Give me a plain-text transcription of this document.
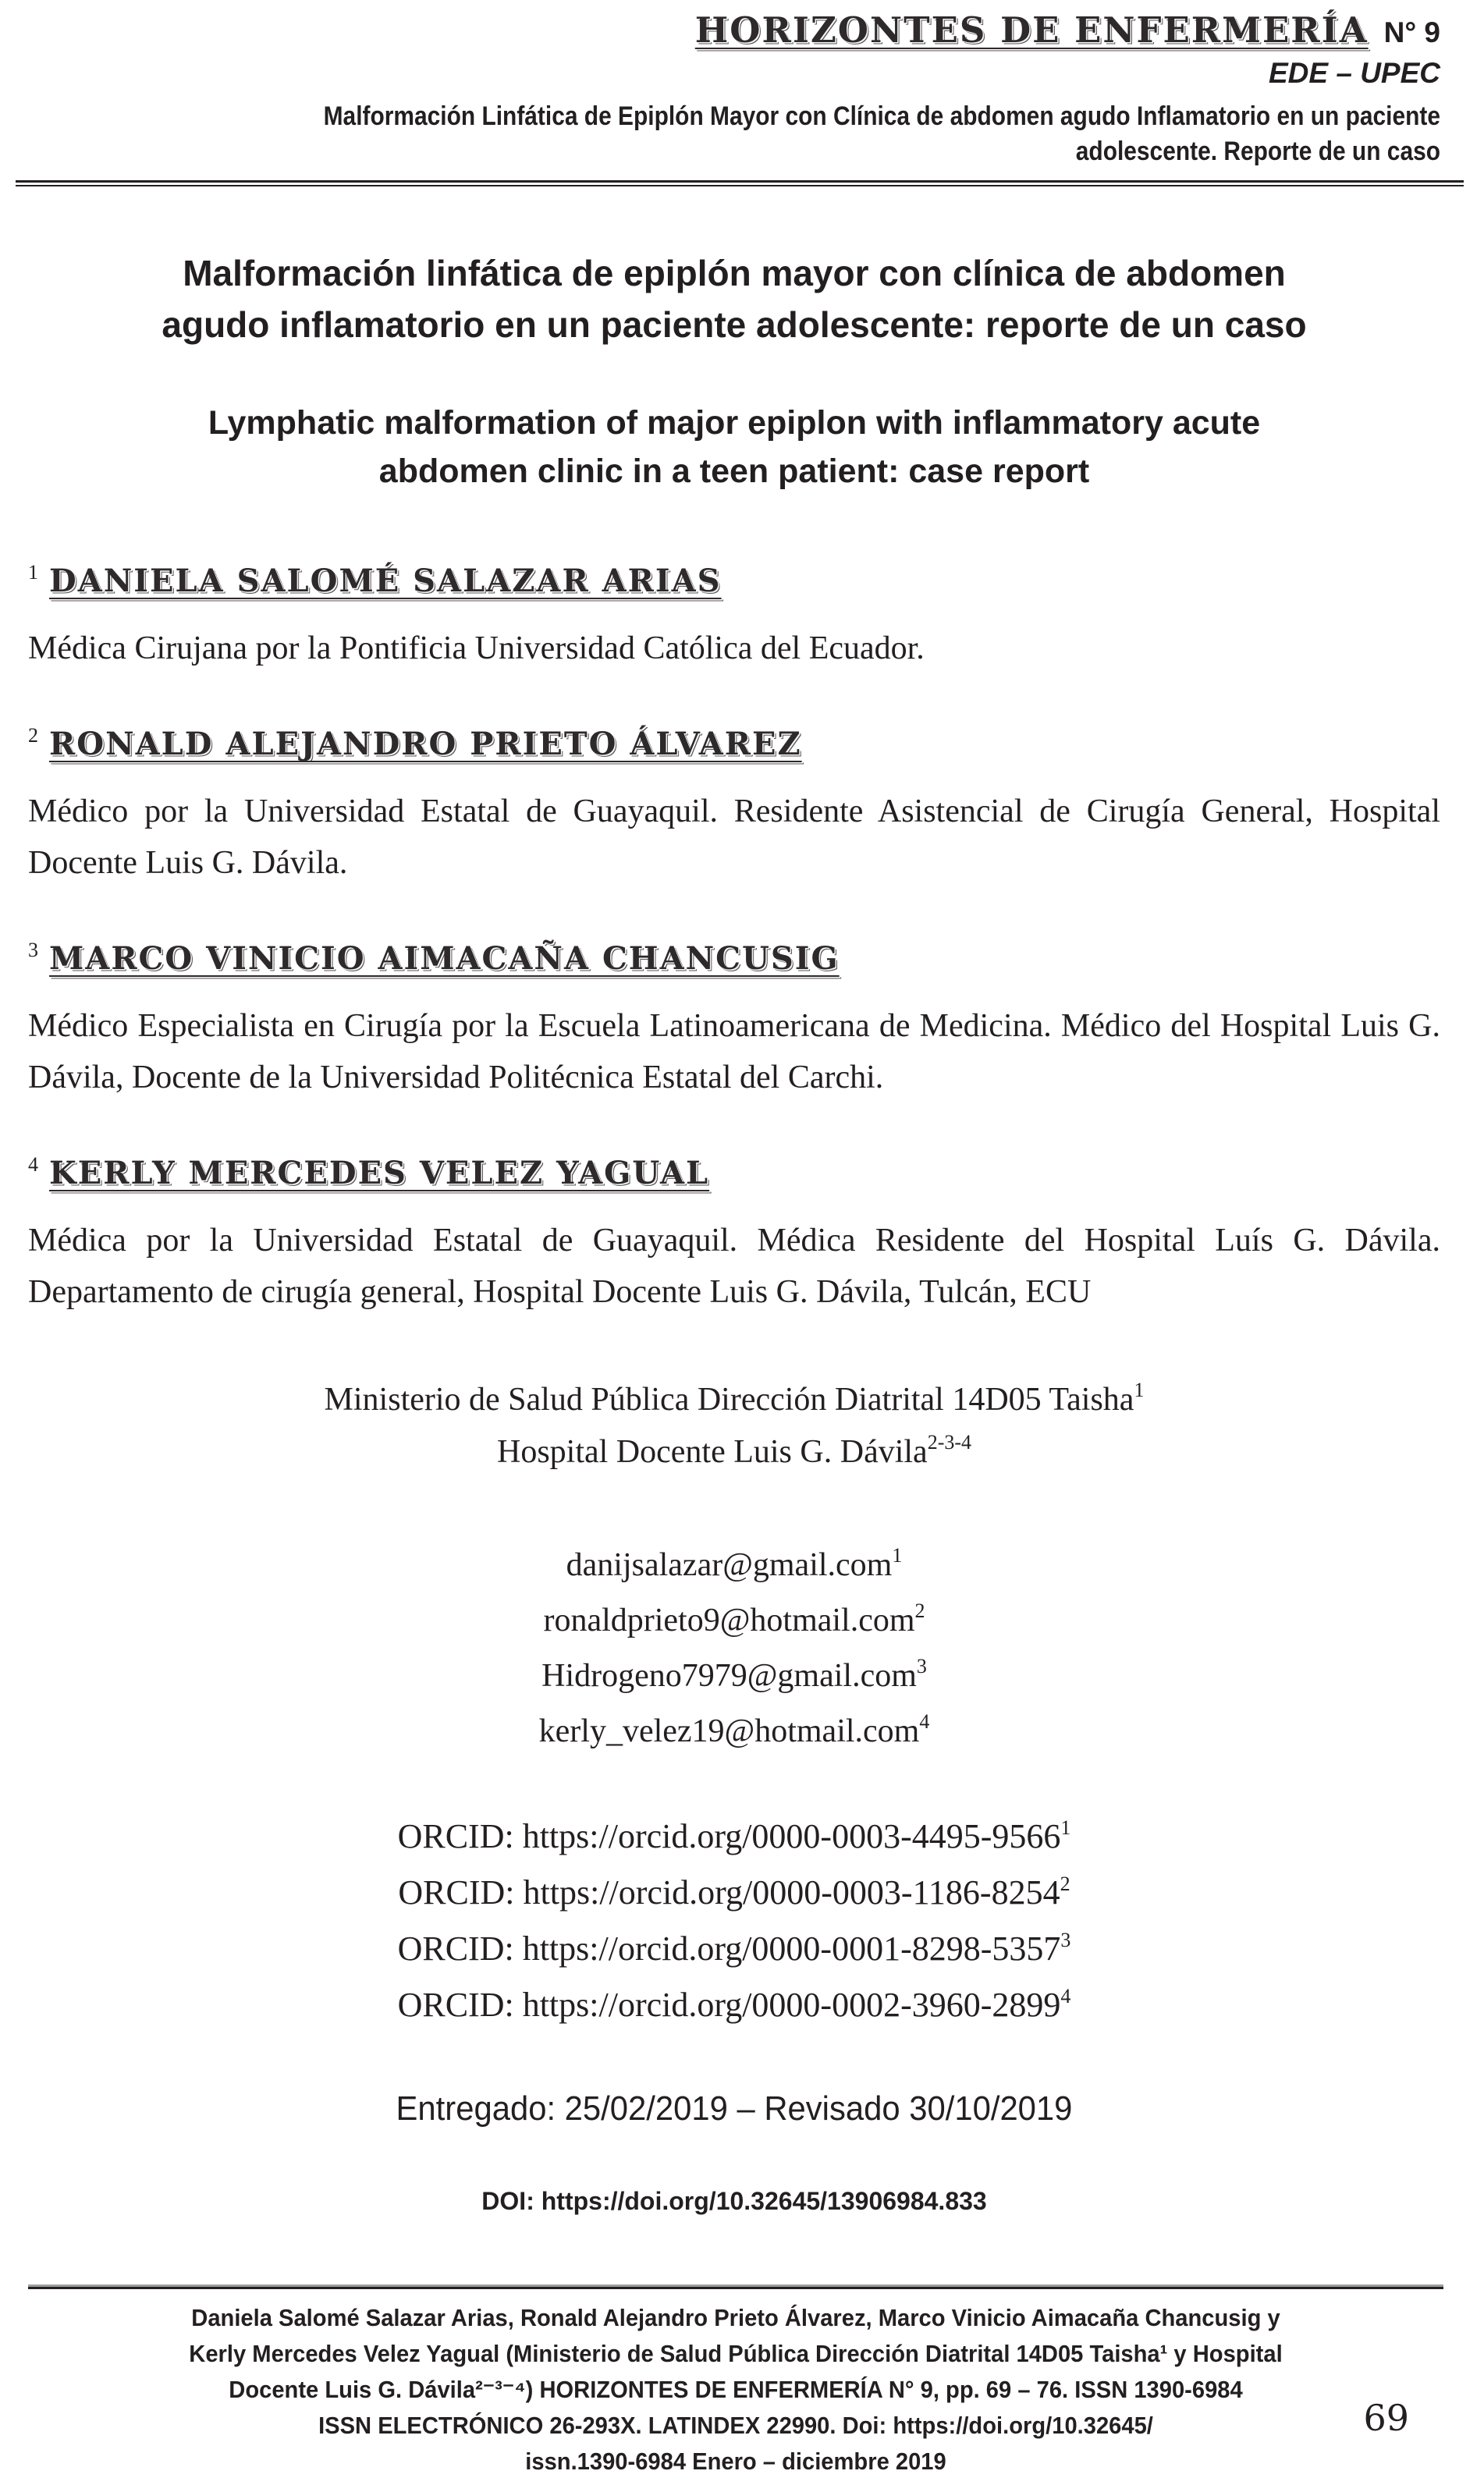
HORIZONTES DE ENFERMERÍA N° 9
EDE – UPEC
Malformación Linfática de Epiplón Mayor con Clínica de abdomen agudo Inflamatorio en un paciente
adolescente. Reporte de un caso
Malformación linfática de epiplón mayor con clínica de abdomen
agudo inflamatorio en un paciente adolescente: reporte de un caso
Lymphatic malformation of major epiplon with inflammatory acute
abdomen clinic in a teen patient: case report
1 DANIELA SALOMÉ SALAZAR ARIAS
Médica Cirujana por la Pontificia Universidad Católica del Ecuador.
2 RONALD ALEJANDRO PRIETO ÁLVAREZ
Médico por la Universidad Estatal de Guayaquil. Residente Asistencial de Cirugía General, Hospital Docente Luis G. Dávila.
3 MARCO VINICIO AIMACAÑA CHANCUSIG
Médico Especialista en Cirugía por la Escuela Latinoamericana de Medicina. Médico del Hospital Luis G. Dávila, Docente de la Universidad Politécnica Estatal del Carchi.
4 KERLY MERCEDES VELEZ YAGUAL
Médica por la Universidad Estatal de Guayaquil. Médica Residente del Hospital Luís G. Dávila. Departamento de cirugía general, Hospital Docente Luis G. Dávila, Tulcán, ECU
Ministerio de Salud Pública Dirección Diatrital 14D05 Taisha$^1$
Hospital Docente Luis G. Dávila$^{2-3-4}$
danijsalazar@gmail.com$^1$
ronaldprieto9@hotmail.com$^2$
Hidrogeno7979@gmail.com$^3$
kerly_velez19@hotmail.com$^4$
ORCID: https://orcid.org/0000-0003-4495-9566$^1$
ORCID: https://orcid.org/0000-0003-1186-8254$^2$
ORCID: https://orcid.org/0000-0001-8298-5357$^3$
ORCID: https://orcid.org/0000-0002-3960-2899$^4$
Entregado: 25/02/2019 – Revisado 30/10/2019
DOI: https://doi.org/10.32645/13906984.833
Daniela Salomé Salazar Arias, Ronald Alejandro Prieto Álvarez, Marco Vinicio Aimacaña Chancusig y
Kerly Mercedes Velez Yagual (Ministerio de Salud Pública Dirección Diatrital 14D05 Taisha¹ y Hospital
Docente Luis G. Dávila²⁻³⁻⁴) HORIZONTES DE ENFERMERÍA N° 9, pp. 69 – 76. ISSN 1390-6984
ISSN ELECTRÓNICO 26-293X. LATINDEX 22990. Doi: https://doi.org/10.32645/
issn.1390-6984 Enero – diciembre 2019
69
